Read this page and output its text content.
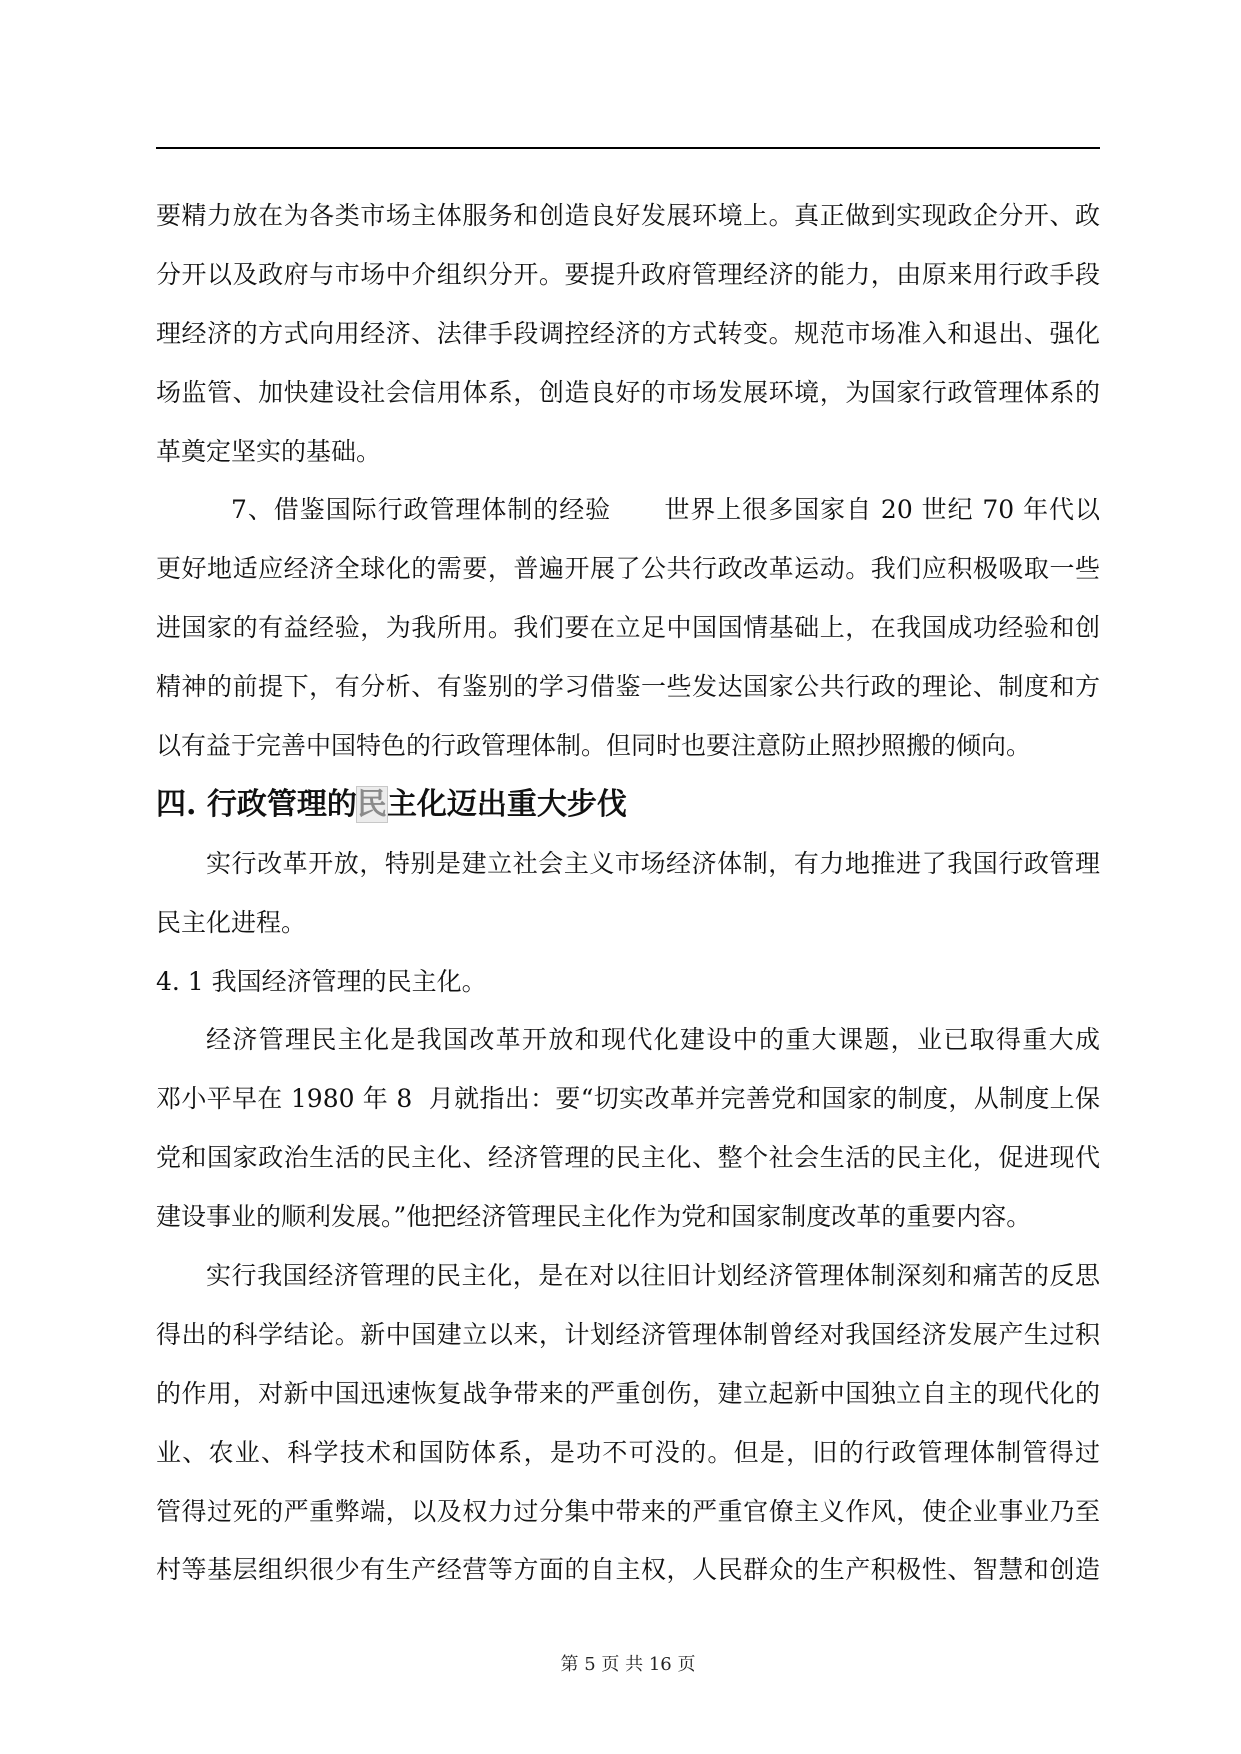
要精力放在为各类市场主体服务和创造良好发展环境上。真正做到实现政企分开、政
分开以及政府与市场中介组织分开。要提升政府管理经济的能力，由原来用行政手段
理经济的方式向用经济、法律手段调控经济的方式转变。规范市场准入和退出、强化
场监管、加快建设社会信用体系，创造良好的市场发展环境，为国家行政管理体系的
革奠定坚实的基础。
7、借鉴国际行政管理体制的经验      世界上很多国家自 20 世纪 70 年代以
更好地适应经济全球化的需要，普遍开展了公共行政改革运动。我们应积极吸取一些
进国家的有益经验，为我所用。我们要在立足中国国情基础上，在我国成功经验和创
精神的前提下，有分析、有鉴别的学习借鉴一些发达国家公共行政的理论、制度和方
以有益于完善中国特色的行政管理体制。但同时也要注意防止照抄照搬的倾向。
四. 行政管理的民主化迈出重大步伐
实行改革开放，特别是建立社会主义市场经济体制，有力地推进了我国行政管理
民主化进程。
4. 1 我国经济管理的民主化。
经济管理民主化是我国改革开放和现代化建设中的重大课题，业已取得重大成
邓小平早在 1980 年 8  月就指出：要“切实改革并完善党和国家的制度，从制度上保
党和国家政治生活的民主化、经济管理的民主化、整个社会生活的民主化，促进现代
建设事业的顺利发展。”他把经济管理民主化作为党和国家制度改革的重要内容。
实行我国经济管理的民主化，是在对以往旧计划经济管理体制深刻和痛苦的反思
得出的科学结论。新中国建立以来，计划经济管理体制曾经对我国经济发展产生过积
的作用，对新中国迅速恢复战争带来的严重创伤，建立起新中国独立自主的现代化的
业、农业、科学技术和国防体系，是功不可没的。但是，旧的行政管理体制管得过
管得过死的严重弊端，以及权力过分集中带来的严重官僚主义作风，使企业事业乃至
村等基层组织很少有生产经营等方面的自主权，人民群众的生产积极性、智慧和创造
第 5 页 共 16 页
